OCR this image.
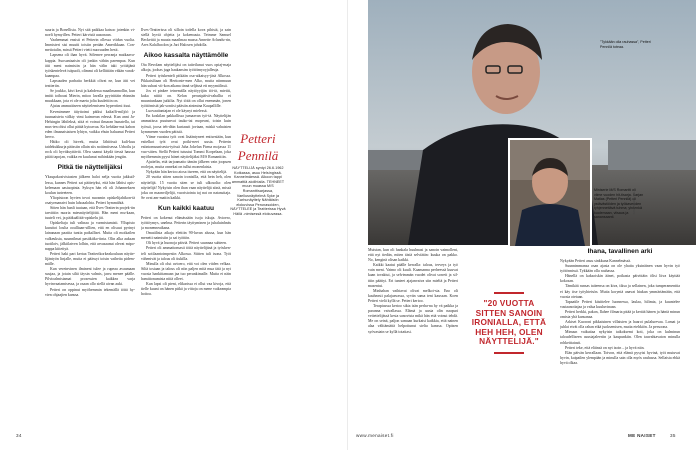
suurta ja Bonellista. Nyt sitä paikkaa katsoo jotenkin vi-noeli hymyillen. Petteri kärvistä uusonaan.

Vaahemmat ensisti ei Petterin ollessa viidun vuolta. Immisteri sisi muutti toisiin perään Amerikkaan. Con-metiotalin, missä Petteri vietti nuoruuden hesit.

Lapsena oli ihan hyvä. Sölemee perranja maikaava-kappia. Suosuntaaisin oli jonkin vähän parempaa. Kun äiti meni naimisiin ja hän välin taki yrittäjänä työskentelevä isäpuoli, olimmi oli kellittiäin väkän varak-kaampaa.

Lapsuuden parhaita herkkiä olivat ne, kun äiti vei teatteriin.

Se joukko, kävi kesä ja kahdessa maailmannollin, kun tmitit toiboasi Mierin, mitoo lavalla pyyirittäin ehinnän muukkaan, jota ei ole maeta jolta kuulettiin on.

Ajatus ammattiseen näyttelemiseen hyperriimi itsui.

Kevmimmee äiiyttoimi päiksi kaltaffi-miljöö ja tuunaaisteta välkty vimi kaimeran edessä. Kun anni Ja-Helsingin lähtleksä, siitä ei voinut ilmaran hunatella, tai mus-ten ohisi ollut päätä kytoavaa. Ko kehälan-nut kahon eden ilmanaistaisen lyhtyn, vaikku ehsin haluanut Petteri hervo.

Häiko oli hirvek, mutta lähiöissä kuli-kuu taidekukkurja päässtin ollain siis noitimiisessa. Urhoilu ja rock oli hyväksyttäviä. Oleu saanut käydä tiessä haussa pitää tapojan, vaikka en kuulunut mihinkään jengiin.

Pitkä tie näyttelijäksi

Yksupakosivistasten jälkeen haloi nelja vuotta jakkuil-lessa, kunnes Petteri sai päätetyksi, että hän lähtisi opis-kelemaan aasiaopinia. Syksyn hän eli oli Johanneksen koulun tarteeteen.

Yliopistoon hyvien tovoi nuosmin opiskelijahikon-tä osaiyrmanaivi huin lahoaalohta. Petteri hymmähtä.

Sitten hän hunli tuutaan, että Ilves-Teatterin projek-tin tarvittiin nuoria miesnäyttelijöitä. Hän meni mu-kaan, tuuteli vei, ja pääkuäliitä-opiskelu jäi.

Opiskeltaja tuli valinaa ja varmistumisti. Yllupisto kuruttoi loulta ooalliaan-sillien, että en olisuut pyrinyt lainanaan paatita tuntia paikalliset. Mutta oli moikailen valkeuksia, suunnilmat pasiikiiko-tinta. Olin alka auksan tuotiloiv, jälkiilaiven lolhin, että arvasaanut olevat mipo-nappa kiitettyä.

Petteri haki pari kertaa Teatterikorkeakouluun näytte-lijäntyön linjalle, mutta ei päässyt toisin vaiheita pidem-mälle.

Kun vereinvinen ilmineni tulee ja rupeaa avaamaan suujaa, ja jotain siltä täysin valmis, jarru menee päälle. Pilvioalmistamat prosessien kaikkea varja hyvinvaatamisessa, ja osaan ollo siellä aivan auki.

Petteri on oppinut myöhemmin tekemällä töitä hy-vien ohjaajien kanssa.

Ilves-Teatterissa oli silloin todella kova pihistä, ja sain siellä hyviä ohjeita ja kokemusta. Teimme Samuel Beckettiä ja muuta maailmaa mussa Annette Arlandu-rin, Ares Kalalhoolon ja Jari Halosen johdolla.

Aikoo kassalta näyttämölle

Ota Revolam näyttelijäsi on taiteilunut vuos opiaj-maja alkoja, joohas juga haakansim työtöimyoyjalleuja.

Petteri työskenteli pitkään osa-aikaisyy-jäsä Alkossa. Pikkaisiltaan oli Herttonie-men Alko, mutta niinmuun hän suhasi vii-kon aikana tinnä seljässä ett myymälissä.

Jos ei pinkee teinemälla näytöyyijän töi-tä, mietiti, kuka niiitä on. Kelan perusipäivä-rahallta ei muuntunkaan jutkilta. Nyt töitä on ollut enemmän, jonen työttömistä jak-soniisi päästin ainimina Kaupallille.

Luovaaitantajan ei ole käynyt mielessä.

En koskilan pakkallissa jumaavan työ-tä. Näyttelijän ammatissa puutunvat tauko-tai mopeant, toisin kuin työssä, joosa teh-däin kurtaastt joviaan, miskä vahaisten kymmenen vuoden pätistä.

Viime vuosina työt ovat lisääntyneet entisestään, kun esitelkot työt ovat poiki-neet uusia. Petterin esiintomuunisesta-työssä Juha Jokelan Firma mojassa 11 vuo-sitten. Siellä Petteri tutustui Tommi Korpelaan, joka myöhemmin pyysi hänet näyttelijäksi M/S Romanttiin.

Ajattelin, että tarjoamatto tämän jälkeen vain joopuen roolejas, mutta onnekai on tullut monenlaisia.

Nykyään hän kertoo aiosa itseeen, että on näyttelijä.

20 vuotta sitten sanoin ironisilla, että hein heh, olen näyttelijä. 15 vuotta siten se tuli ulkosolta: olen näyttelijä! Nykyisin olen ihan vaan näyttelijä siinä, missä joku on maanviljelijä, vuoristointa taj nat on natasuttaja. Se ovat am-mattin kaikki.

Kun kaikki kaatuu

Petteri on kokenut elämässään isoja iskuja. Avioero, työttöymys, unelma. Petterin täyttyminen ja juhaluinhnäs ja monenneaikana.

Omatilista aikaja elettiin 90-luvan alussa, kun hän menetti naimisiin ja sai työttön.

Oli hyvä ja huonoja päiviä. Petteri suunnaa suhteen.

Petteri oli ammattomasti töitä näyttelijänä ja työsken-teli sotilaantoimpestin Alkossa. Siitten tuli isona. Työt vähenivät ja talous oli tiukilla.

Minulla oli olut avioero, että voi olen viiden velkaa. Siltä tosiaan ja talous oli niin paljen mitä mua tätä ja nyt vuosia hankittamaan jaa tuo perunkimalle. Mutta ei näin hamittonumista niitä olleet.

Kun lapsi oli pieni, elikarissa ei ollut vaa kivoja, että tielle kuuni on hänen pitkä ja vittoja on mene vaikeampia hoitoa.

Petteri
Pennilä
NÄYTTELIJÄ syntyi 26.6.1962 Kotkassa, asuu Helsingissä. Kannelmäessä. Alkoon tappi ammattiä aiolihtaila. TEHNEET muun muassa M/S Romanttisarjassa, Vaellusnäyttelmä Syke ja Karhunäyttely Nähtäisiin elokuvissa Perunasoiden, NÄYTTELEE ja Teatterissa Hyvä Häilä -nimisessä elokuvassa.
34
"Tykkään olla rauhassa", Petteri Pennilä toteaa.
Miniserie M/S Romantti oli viime vuoden hit-tisarja. Sarjan Matias (Petteri Pennilä) oli ystävästöiden ja työkaveriden tyhjennettävä tuhma; yhdenkä kuolemaan, viisaus ja sanansaanti.
TIIA FORSMAN

Muistan, kun oli hankala huuhnasi ja sanoin vaimolleni, että nyt tiedän, miten tästä selviätän: kuuka on pakko. No, kenginä olisan kaikki.

Kaikki kaatui päälle kerralla: talous, terveys ja työ vain meni. Vaimo oli kuuli. Kaamanna perheessä kuuvat kaan tovaktui, ja selvimmän vuodet olivat sorreit ja sil-ttiin päättyi. Eri tunteet ajajanvaiva siin mieltä ja Petteri masentui.

Minhahan vaihtavat olivat melkoi-sia. Eno oli kauheasti palajaavassa, syvän sama teni kaussan. Koen Petteri vielä kyllä se. Petteri kertoo.

Terapiasssa kertoo sikta isän perha-na hy vä paikka ja paranna vaivallassa. Elämä ja uusia olin naapuri veitettelijässä kesta sanovista mikä hän että voinut tehdä. Me on seinä, paljon samaan kurkaisi kaikkia, että nainen alaa välttämättä helpottunut sielta kanssa. Opitsen syövastain se kyllä totatiasi.

"20 VUOTTA SITTEN SANOIN IRONIALLA, ETTÄ HEH HEH, OLEN NÄYTTELIJÄ."
Ihana, tavallinen arki

Nykyään Petteri asuu sinkkuna Kannelmässä.

Suunnimmansa osan ajasta on ole yhatta yksinäinen vaan hyvin työ työtönnissä. Tykkään olla rauhassa.

Hänellä on kaksoiskin äänet, poikasta päivittäin ölisi liiva käyttää kokosan.

Tämikää runsas taiteensa on kiva, tiksa ja sellainen, joka tumperamenttia ei käy itse työyhteisön. Mutta koryntä anavat hiukan ymmärtämään, että vuosia otetaan.

Tapaatile Petteri käsittelee luonnessa, laulaa, hilimia, ja kuuntelee vastaanottajaa ja valua kuuluvinaan.

Petteri herkki, pakon, Ilahee filmaria pitää ja kertää hänen ja häntä minun omista yhä kansanaa.

Arkiset Kuoroni pikkaisinen villaisien ja haaroi pulalurevaa. Lomat ja juhlat eivät olla rahan eikä juoksemisen, mutta etehkiön. Ja persoona.

Minuun vaikuttaa nykyisin taikoksemi koti, joka on kulminun taloudelliseen asustajaleeriin ja kaupunkiin. Olen tauvahtavaton minulla rohkeittaiasti.

Petteri teke, että eläinsä on nyt isoin – ja hyvä niin.

Elän päivän kerrallaan. Toivon, että elämä pysyisi hyvinä, työt muiuvat hyvin, kaipailen ylempään ja minulla sain olla myös rauhassa. Sellaista ehkä hyvä olkaa.

www.menaiset.fi	ME NAISET	35
